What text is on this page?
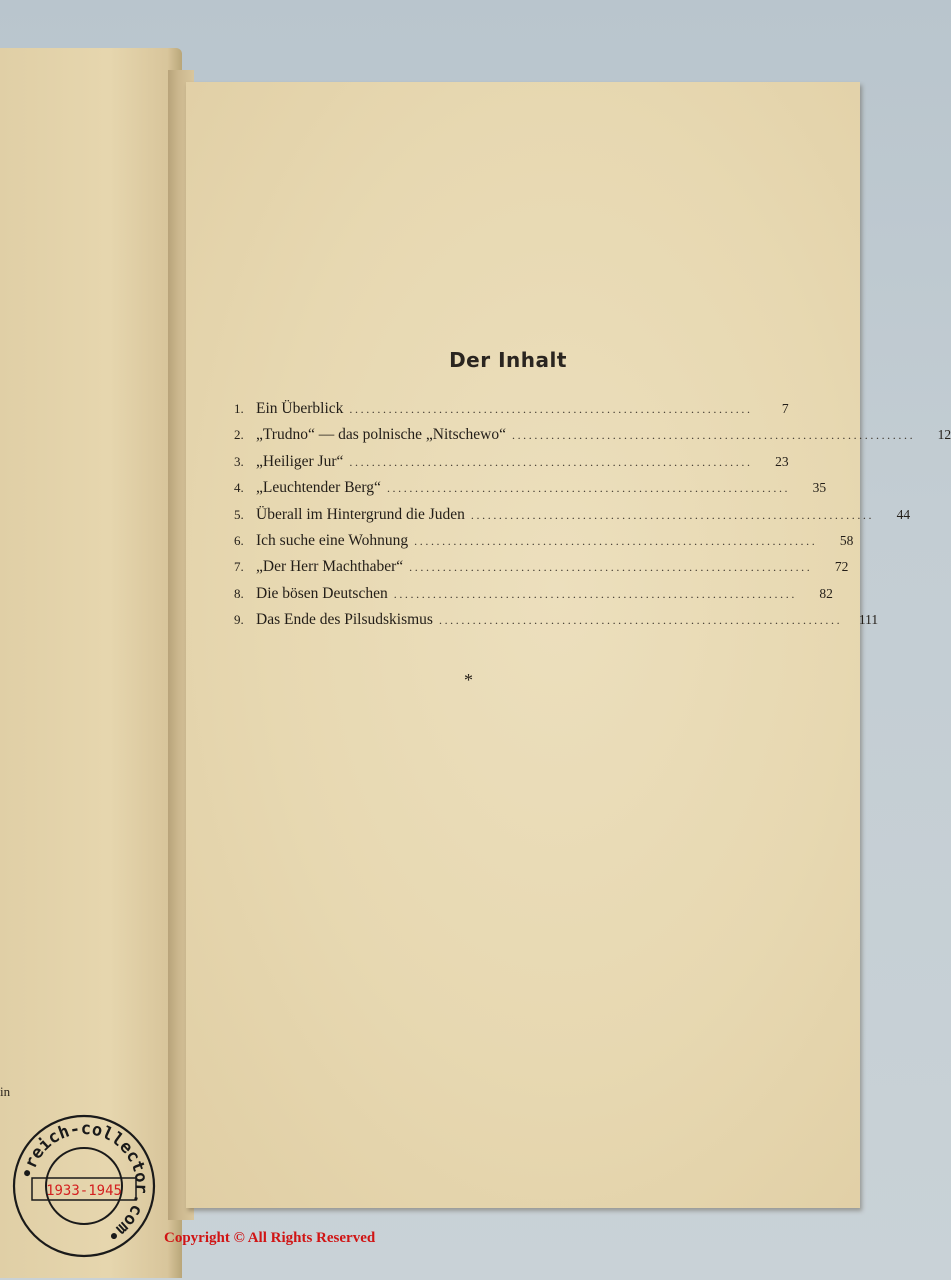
in
Der Inhalt
1. Ein Überblick ........................................................................	7
2. „Trudno“ — das polnische „Nitschewo“ ........................................................................	12
3. „Heiliger Jur“ ........................................................................	23
4. „Leuchtender Berg“ ........................................................................	35
5. Überall im Hintergrund die Juden ........................................................................	44
6. Ich suche eine Wohnung ........................................................................	58
7. „Der Herr Machthaber“ ........................................................................	72
8. Die bösen Deutschen ........................................................................	82
9. Das Ende des Pilsudskismus ........................................................................	111
*
•reich-collector.com•
1933-1945
Copyright © All Rights Reserved
